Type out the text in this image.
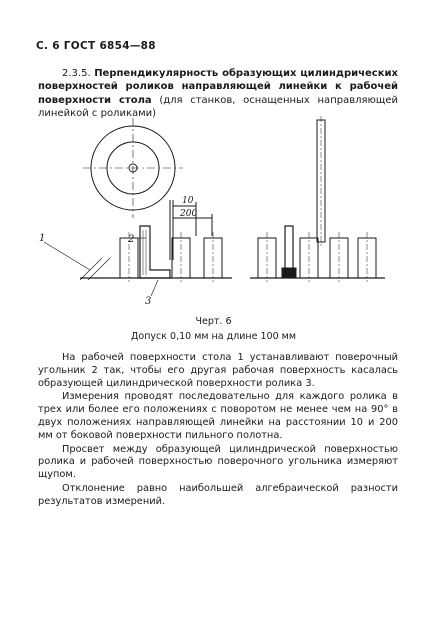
С. 6 ГОСТ 6854—88
2.3.5. Перпендикулярность образующих цилиндрических поверхностей роликов направляющей линейки к рабочей поверхности стола (для станков, оснащенных направляющей линейкой с роликами)
1	2
3
10
200
Черт. 6
Допуск 0,10 мм на длине 100 мм

На рабочей поверхности стола 1 устанавливают поверочный угольник 2 так, чтобы его другая рабочая поверхность касалась образующей цилиндрической поверхности ролика 3.

Измерения проводят последовательно для каждого ролика в трех или более его положениях с поворотом не менее чем на 90° в двух положениях направляющей линейки на расстоянии 10 и 200 мм от боковой поверхности пильного полотна.

Просвет между образующей цилиндрической поверхностью ролика и рабочей поверхностью поверочного угольника измеряют щупом.

Отклонение равно наибольшей алгебраической разности результатов измерений.
